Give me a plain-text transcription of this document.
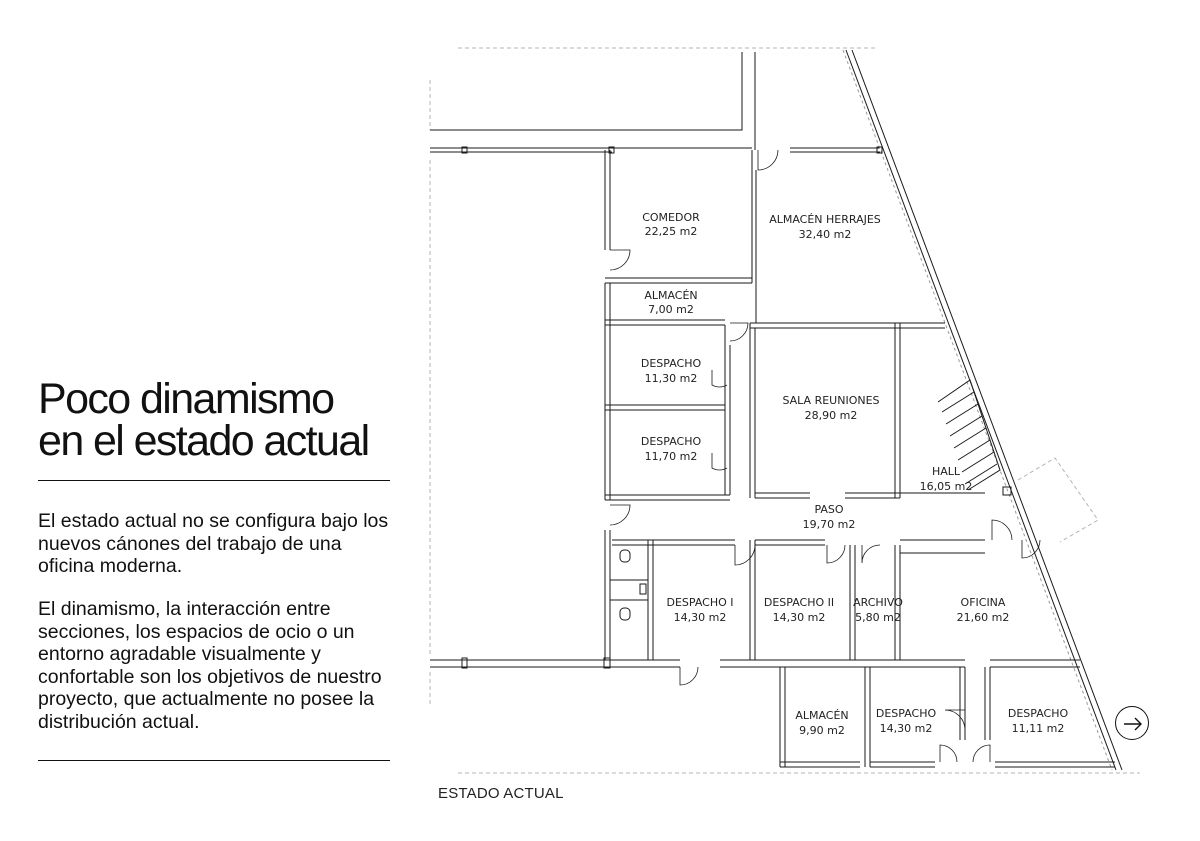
Poco dinamismo
en el estado actual

El estado actual no se configura bajo los nuevos cánones del trabajo de una oficina moderna.

El dinamismo, la interacción entre secciones, los espacios de ocio o un entorno agradable visualmente y confortable son los objetivos de nuestro proyecto, que actualmente no posee la distribución actual.

COMEDOR
22,25 m2
ALMACÉN HERRAJES
32,40 m2
ALMACÉN
7,00 m2
DESPACHO
11,30 m2
DESPACHO
11,70 m2
SALA REUNIONES
28,90 m2
HALL
16,05 m2
PASO
19,70 m2
DESPACHO I
14,30 m2
DESPACHO II
14,30 m2
ARCHIVO
5,80 m2
OFICINA
21,60 m2
ALMACÉN
9,90 m2
DESPACHO
14,30 m2
DESPACHO
11,11 m2
ESTADO ACTUAL
